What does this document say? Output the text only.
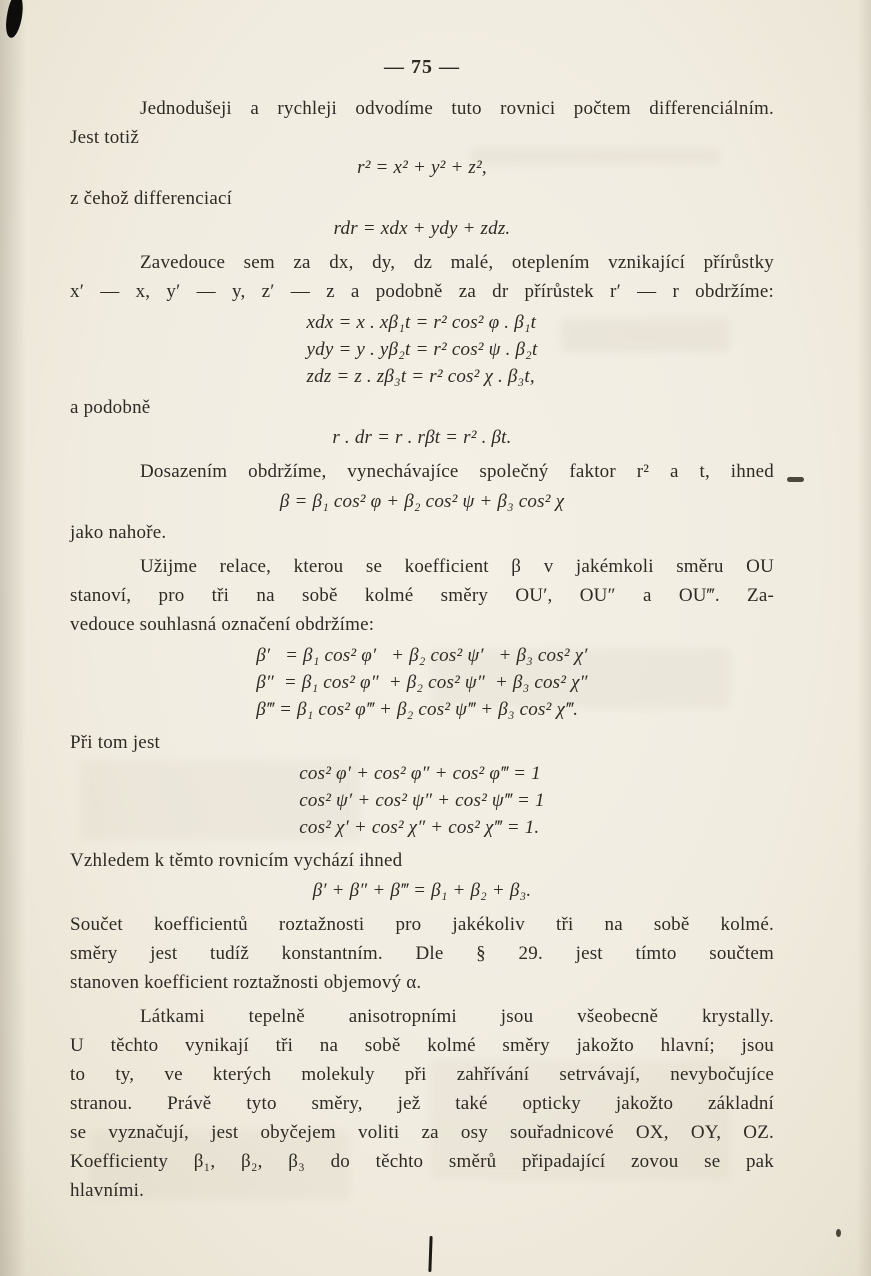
— 75 —
Jednodušeji a rychleji odvodíme tuto rovnici počtem differenciálním.
Jest totiž
r² = x² + y² + z²,
z čehož differenciací
rdr = xdx + ydy + zdz.
Zavedouce sem za dx, dy, dz malé, oteplením vznikající přírůstky
x′ — x, y′ — y, z′ — z a podobně za dr přírůstek r′ — r obdržíme:
xdx = x . xβ₁t = r² cos² φ . β₁t
ydy = y . yβ₂t = r² cos² ψ . β₂t
zdz = z . zβ₃t = r² cos² χ . β₃t,
a podobně
r . dr = r . rβt = r² . βt.
Dosazením obdržíme, vynechávajíce společný faktor r² a t, ihned
β = β₁ cos² φ + β₂ cos² ψ + β₃ cos² χ
jako nahoře.
Užijme relace, kterou se koefficient β v jakémkoli směru OU
stanoví, pro tři na sobě kolmé směry OU′, OU″ a OU‴. Za-
vedouce souhlasná označení obdržíme:
β′   = β₁ cos² φ′   + β₂ cos² ψ′   + β₃ cos² χ′
β″  = β₁ cos² φ″  + β₂ cos² ψ″  + β₃ cos² χ″
β‴ = β₁ cos² φ‴ + β₂ cos² ψ‴ + β₃ cos² χ‴.
Při tom jest
cos² φ′ + cos² φ″ + cos² φ‴ = 1
cos² ψ′ + cos² ψ″ + cos² ψ‴ = 1
cos² χ′ + cos² χ″ + cos² χ‴ = 1.
Vzhledem k těmto rovnicím vychází ihned
β′ + β″ + β‴ = β₁ + β₂ + β₃.
Součet koefficientů roztažnosti pro jakékoliv tři na sobě kolmé.
směry jest tudíž konstantním. Dle § 29. jest tímto součtem
stanoven koefficient roztažnosti objemový α.
Látkami tepelně anisotropními jsou všeobecně krystally.
U těchto vynikají tři na sobě kolmé směry jakožto hlavní; jsou
to ty, ve kterých molekuly při zahřívání setrvávají, nevybočujíce
stranou. Právě tyto směry, jež také opticky jakožto základní
se vyznačují, jest obyčejem voliti za osy souřadnicové OX, OY, OZ.
Koefficienty β₁, β₂, β₃ do těchto směrů připadající zovou se pak
hlavními.
